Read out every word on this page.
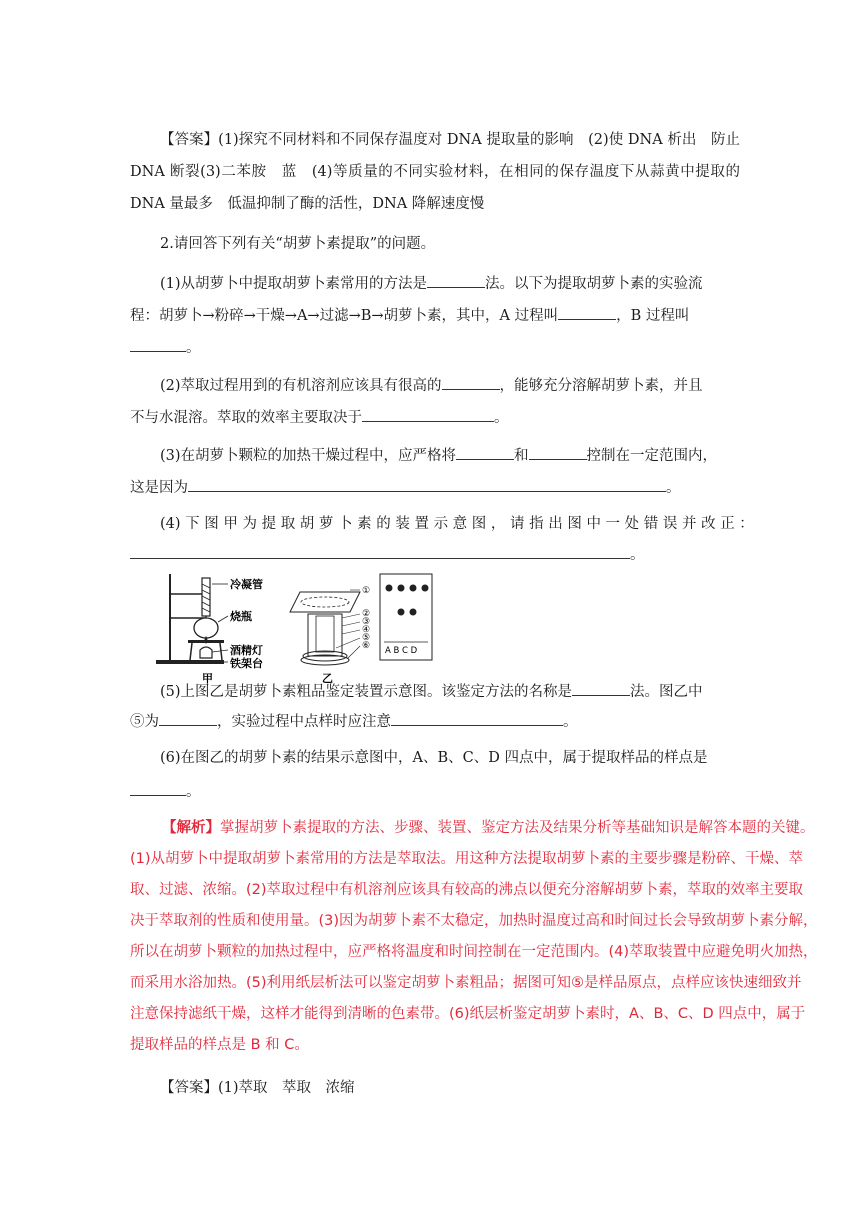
【答案】(1)探究不同材料和不同保存温度对 DNA 提取量的影响　(2)使 DNA 析出　防止
DNA 断裂(3)二苯胺　蓝　(4)等质量的不同实验材料，在相同的保存温度下从蒜黄中提取的
DNA 量最多　低温抑制了酶的活性，DNA 降解速度慢
2.请回答下列有关“胡萝卜素提取”的问题。
(1)从胡萝卜中提取胡萝卜素常用的方法是	法。以下为提取胡萝卜素的实验流
程：胡萝卜→粉碎→干燥→A→过滤→B→胡萝卜素，其中，A 过程叫	，B 过程叫
。
(2)萃取过程用到的有机溶剂应该具有很高的	，能够充分溶解胡萝卜素，并且
不与水混溶。萃取的效率主要取决于	。
(3)在胡萝卜颗粒的加热干燥过程中，应严格将	和	控制在一定范围内，
这是因为	。
(4) 下 图 甲 为 提 取 胡 萝 卜 素 的 装 置 示 意 图 ， 请 指 出 图 中 一 处 错 误 并 改 正 ：
。
冷凝管
烧瓶
酒精灯
铁架台
甲
①
②
③
④
⑤
⑥
乙
A B C D
(5)上图乙是胡萝卜素粗品鉴定装置示意图。该鉴定方法的名称是	法。图乙中
⑤为	，实验过程中点样时应注意	。
(6)在图乙的胡萝卜素的结果示意图中，A、B、C、D 四点中，属于提取样品的样点是
。
【解析】掌握胡萝卜素提取的方法、步骤、装置、鉴定方法及结果分析等基础知识是解答本题的关键。
(1)从胡萝卜中提取胡萝卜素常用的方法是萃取法。用这种方法提取胡萝卜素的主要步骤是粉碎、干燥、萃
取、过滤、浓缩。(2)萃取过程中有机溶剂应该具有较高的沸点以便充分溶解胡萝卜素，萃取的效率主要取
决于萃取剂的性质和使用量。(3)因为胡萝卜素不太稳定，加热时温度过高和时间过长会导致胡萝卜素分解，
所以在胡萝卜颗粒的加热过程中，应严格将温度和时间控制在一定范围内。(4)萃取装置中应避免明火加热，
而采用水浴加热。(5)利用纸层析法可以鉴定胡萝卜素粗品；据图可知⑤是样品原点，点样应该快速细致并
注意保持滤纸干燥，这样才能得到清晰的色素带。(6)纸层析鉴定胡萝卜素时，A、B、C、D 四点中，属于
提取样品的样点是 B 和 C。
【答案】(1)萃取　萃取　浓缩
